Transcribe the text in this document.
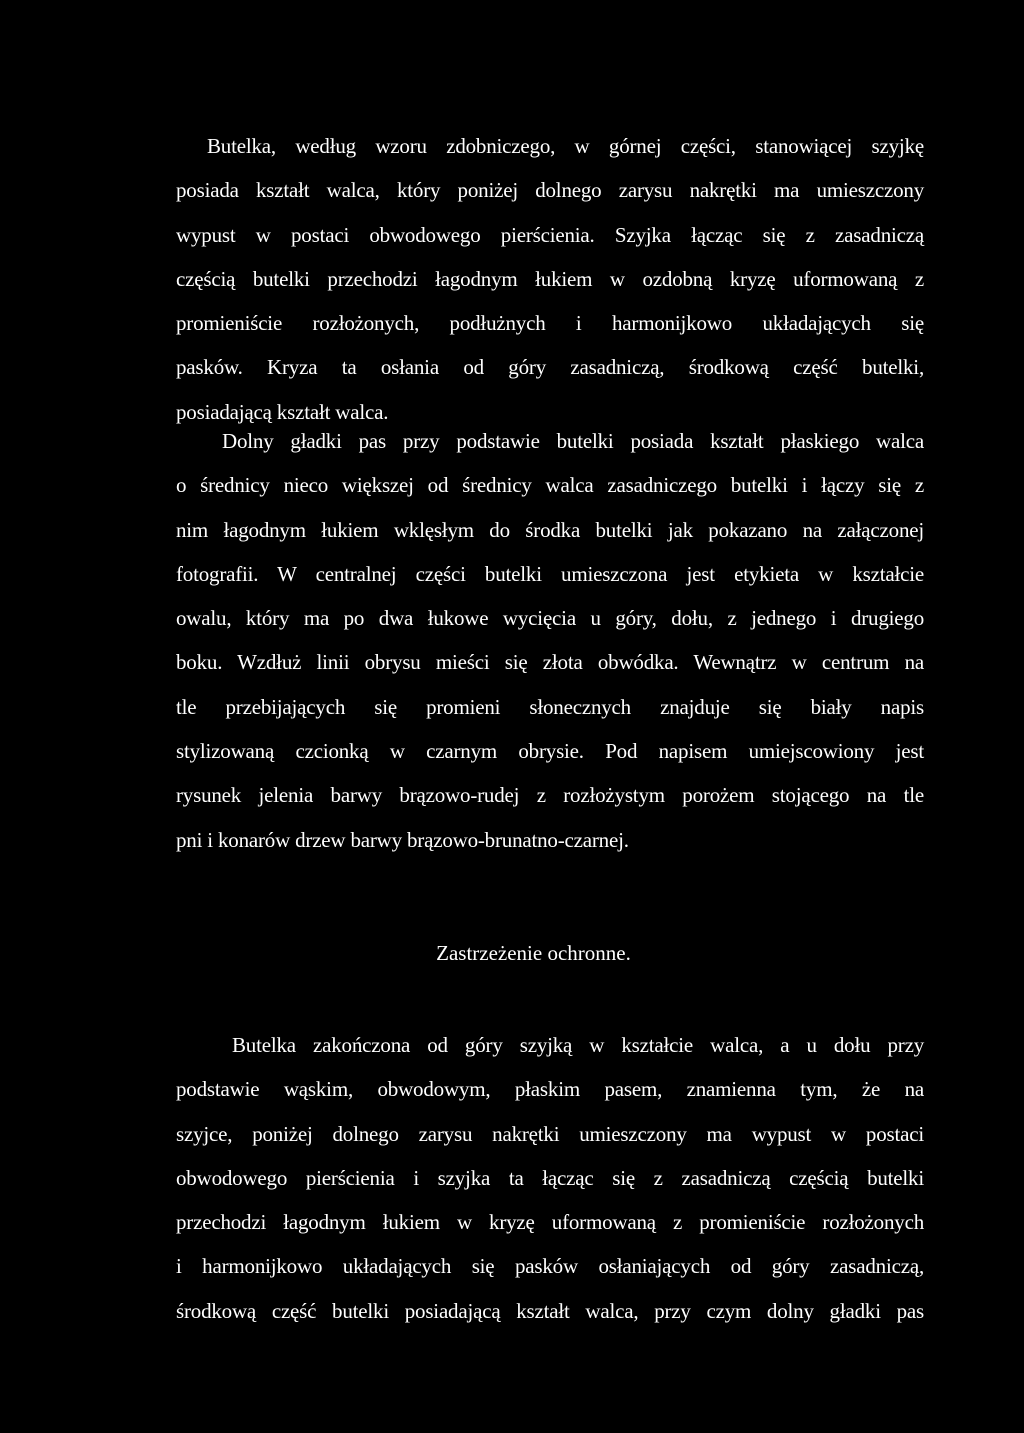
Butelka, według wzoru zdobniczego, w górnej części, stanowiącej szyjkę
posiada kształt walca, który poniżej dolnego zarysu nakrętki ma umieszczony
wypust w postaci obwodowego pierścienia. Szyjka łącząc się z zasadniczą
częścią butelki przechodzi łagodnym łukiem w ozdobną kryzę uformowaną z
promieniście rozłożonych, podłużnych i harmonijkowo układających się
pasków. Kryza ta osłania od góry zasadniczą, środkową część butelki,
posiadającą kształt walca.
Dolny gładki pas przy podstawie butelki posiada kształt płaskiego walca
o średnicy nieco większej od średnicy walca zasadniczego butelki i łączy się z
nim łagodnym łukiem wklęsłym do środka butelki jak pokazano na załączonej
fotografii. W centralnej części butelki umieszczona jest etykieta w kształcie
owalu, który ma po dwa łukowe wycięcia u góry, dołu, z jednego i drugiego
boku. Wzdłuż linii obrysu mieści się złota obwódka. Wewnątrz w centrum na
tle przebijających się promieni słonecznych znajduje się biały napis
stylizowaną czcionką w czarnym obrysie. Pod napisem umiejscowiony jest
rysunek jelenia barwy brązowo-rudej z rozłożystym porożem stojącego na tle
pni i konarów drzew barwy brązowo-brunatno-czarnej.
Zastrzeżenie ochronne.
Butelka zakończona od góry szyjką w kształcie walca, a u dołu przy
podstawie wąskim, obwodowym, płaskim pasem, znamienna tym, że na
szyjce, poniżej dolnego zarysu nakrętki umieszczony ma wypust w postaci
obwodowego pierścienia i szyjka ta łącząc się z zasadniczą częścią butelki
przechodzi łagodnym łukiem w kryzę uformowaną z promieniście rozłożonych
i harmonijkowo układających się pasków osłaniających od góry zasadniczą,
środkową część butelki posiadającą kształt walca, przy czym dolny gładki pas
